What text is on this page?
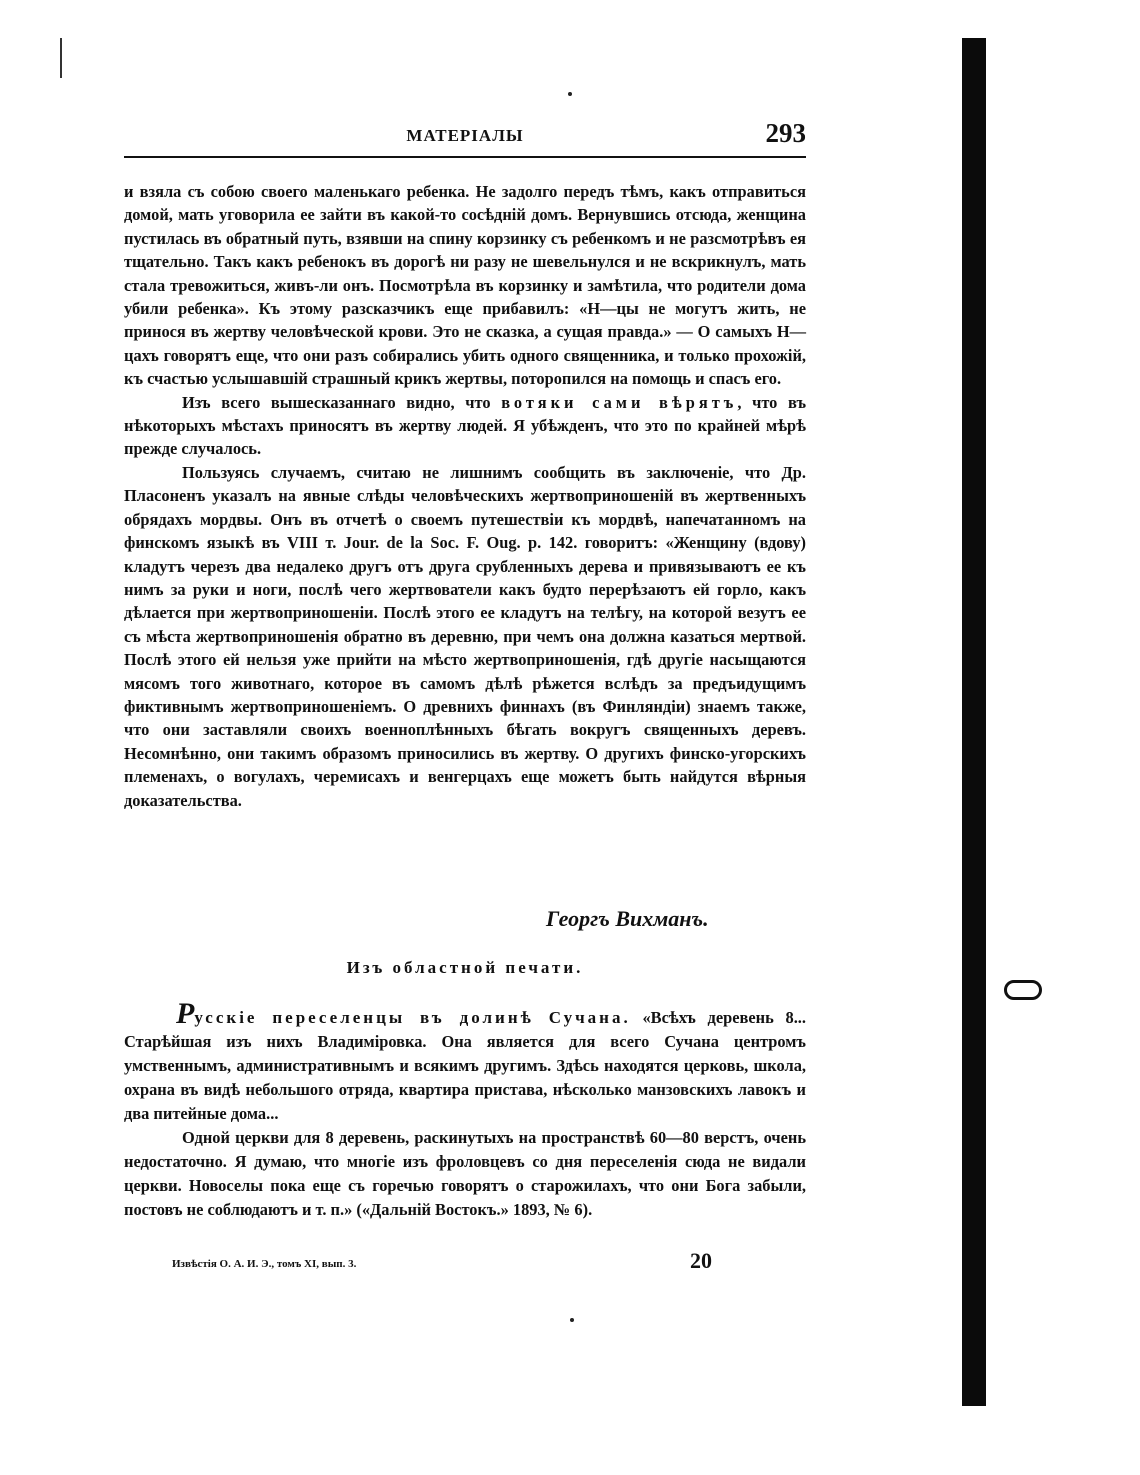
МАТЕРІАЛЫ	293

и взяла съ собою своего маленькаго ребенка. Не задолго передъ тѣмъ, какъ отправиться домой, мать уговорила ее зайти въ какой-то сосѣдній домъ. Вернувшись отсюда, женщина пустилась въ обратный путь, взявши на спину корзинку съ ребенкомъ и не разсмотрѣвъ ея тщательно. Такъ какъ ребенокъ въ дорогѣ ни разу не шевельнулся и не вскрикнулъ, мать стала тревожиться, живъ-ли онъ. Посмотрѣла въ корзинку и замѣтила, что родители дома убили ребенка». Къ этому разсказчикъ еще прибавилъ: «Н—цы не могутъ жить, не принося въ жертву человѣческой крови. Это не сказка, а сущая правда.» — О самыхъ Н—цахъ говорятъ еще, что они разъ собирались убить одного священника, и только прохожій, къ счастью услышавшій страшный крикъ жертвы, поторопился на помощь и спасъ его.

Изъ всего вышесказаннаго видно, что вотяки сами вѣрятъ, что въ нѣкоторыхъ мѣстахъ приносятъ въ жертву людей. Я убѣжденъ, что это по крайней мѣрѣ прежде случалось.

Пользуясь случаемъ, считаю не лишнимъ сообщить въ заключеніе, что Др. Пласоненъ указалъ на явные слѣды человѣческихъ жертвоприношеній въ жертвенныхъ обрядахъ мордвы. Онъ въ отчетѣ о своемъ путешествіи къ мордвѣ, напечатанномъ на финскомъ языкѣ въ VIII т. Jour. de la Soc. F. Oug. p. 142. говоритъ: «Женщину (вдову) кладутъ черезъ два недалеко другъ отъ друга срубленныхъ дерева и привязываютъ ее къ нимъ за руки и ноги, послѣ чего жертвователи какъ будто перерѣзаютъ ей горло, какъ дѣлается при жертвоприношеніи. Послѣ этого ее кладутъ на телѣгу, на которой везутъ ее съ мѣста жертвоприношенія обратно въ деревню, при чемъ она должна казаться мертвой. Послѣ этого ей нельзя уже прийти на мѣсто жертвоприношенія, гдѣ другіе насыщаются мясомъ того животнаго, которое въ самомъ дѣлѣ рѣжется вслѣдъ за предъидущимъ фиктивнымъ жертвоприношеніемъ. О древнихъ финнахъ (въ Финляндіи) знаемъ также, что они заставляли своихъ военноплѣнныхъ бѣгать вокругъ священныхъ деревъ. Несомнѣнно, они такимъ образомъ приносились въ жертву. О другихъ финско-угорскихъ племенахъ, о вогулахъ, черемисахъ и венгерцахъ еще можетъ быть найдутся вѣрныя доказательства.

Георгъ Вихманъ.
Изъ областной печати.

Русскіе переселенцы въ долинѣ Сучана. «Всѣхъ деревень 8... Старѣйшая изъ нихъ Владиміровка. Она является для всего Сучана центромъ умственнымъ, административнымъ и всякимъ другимъ. Здѣсь находятся церковь, школа, охрана въ видѣ небольшого отряда, квартира пристава, нѣсколько манзовскихъ лавокъ и два питейные дома...

Одной церкви для 8 деревень, раскинутыхъ на пространствѣ 60—80 верстъ, очень недостаточно. Я думаю, что многіе изъ фроловцевъ со дня переселенія сюда не видали церкви. Новоселы пока еще съ горечью говорятъ о старожилахъ, что они Бога забыли, постовъ не соблюдаютъ и т. п.» («Дальній Востокъ.» 1893, № 6).

Извѣстія О. А. И. Э., томъ XI, вып. 3.	20
